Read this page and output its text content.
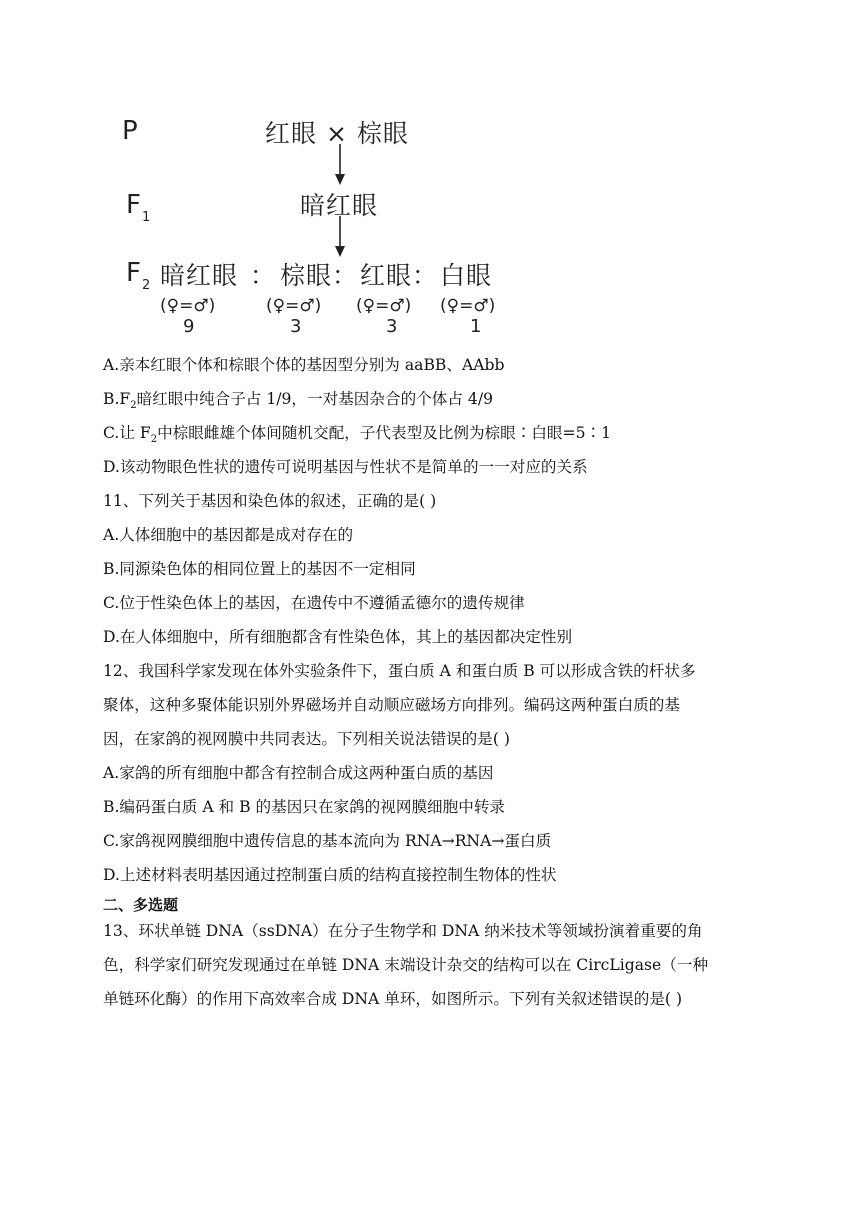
P
$F_1$
$F_2$
红眼 × 棕眼
暗红眼
暗红眼 ： 棕眼： 红眼： 白眼
(♀=♂)	(♀=♂) (♀=♂) (♀=♂)
9	3	3	1
A.亲本红眼个体和棕眼个体的基因型分别为 aaBB、AAbb
$B.F_2$暗红眼中纯合子占 1/9，一对基因杂合的个体占 4/9
C.让 $F_2$中棕眼雌雄个体间随机交配，子代表型及比例为棕眼∶白眼=5∶1
D.该动物眼色性状的遗传可说明基因与性状不是简单的一一对应的关系
11、下列关于基因和染色体的叙述，正确的是( )
A.人体细胞中的基因都是成对存在的
B.同源染色体的相同位置上的基因不一定相同
C.位于性染色体上的基因，在遗传中不遵循孟德尔的遗传规律
D.在人体细胞中，所有细胞都含有性染色体，其上的基因都决定性别
12、我国科学家发现在体外实验条件下，蛋白质 A 和蛋白质 B 可以形成含铁的杆状多
聚体，这种多聚体能识别外界磁场并自动顺应磁场方向排列。编码这两种蛋白质的基
因，在家鸽的视网膜中共同表达。下列相关说法错误的是( )
A.家鸽的所有细胞中都含有控制合成这两种蛋白质的基因
B.编码蛋白质 A 和 B 的基因只在家鸽的视网膜细胞中转录
C.家鸽视网膜细胞中遗传信息的基本流向为 RNA→RNA→蛋白质
D.上述材料表明基因通过控制蛋白质的结构直接控制生物体的性状
二、多选题
13、环状单链 DNA（ssDNA）在分子生物学和 DNA 纳米技术等领域扮演着重要的角
色，科学家们研究发现通过在单链 DNA 末端设计杂交的结构可以在 CircLigase（一种
单链环化酶）的作用下高效率合成 DNA 单环，如图所示。下列有关叙述错误的是( )
